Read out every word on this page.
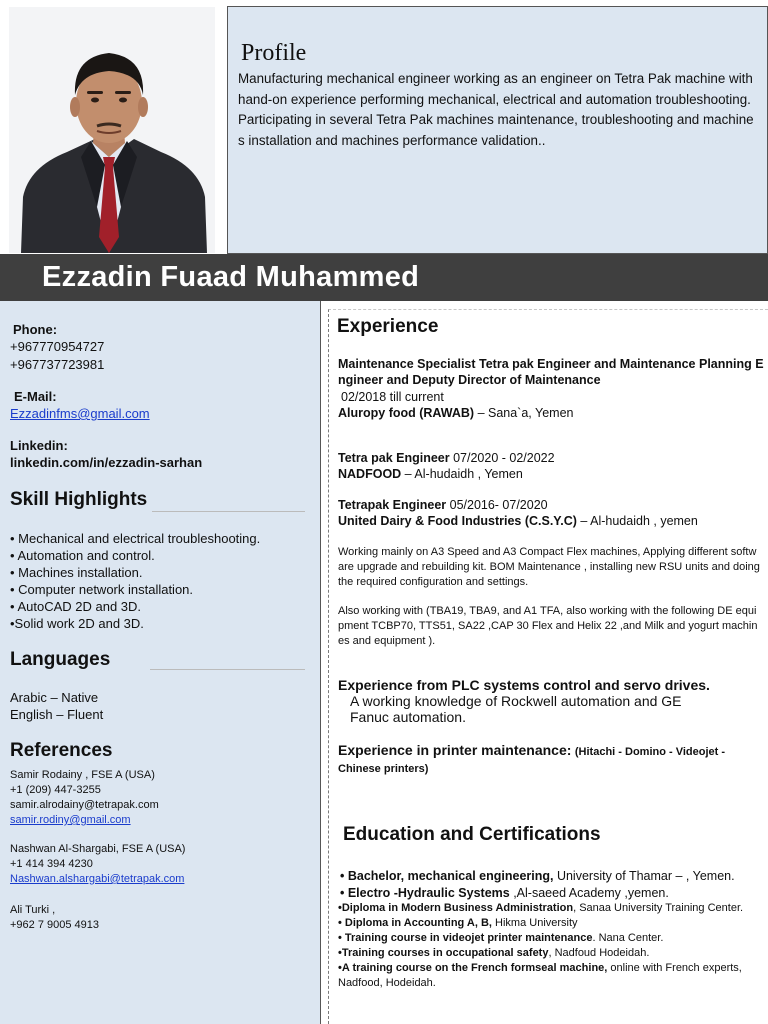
Profile
Manufacturing mechanical engineer working as an engineer on Tetra Pak machine with hand-on experience performing mechanical, electrical and automation troubleshooting. Participating in several Tetra Pak machines maintenance, troubleshooting and machines installation and machines performance validation..
Ezzadin Fuaad Muhammed
Phone:
+967770954727
+967737723981
E-Mail:
Ezzadinfms@gmail.com
Linkedin:
linkedin.com/in/ezzadin-sarhan
Skill Highlights
• Mechanical and electrical troubleshooting.
• Automation and control.
• Machines installation.
• Computer network installation.
• AutoCAD 2D and 3D.
•Solid work 2D and 3D.
Languages
Arabic – Native
English – Fluent
References
Samir Rodainy , FSE A (USA)
+1 (209) 447-3255
samir.alrodainy@tetrapak.com
samir.rodiny@gmail.com
Nashwan Al-Shargabi, FSE A (USA)
+1 414 394 4230
Nashwan.alshargabi@tetrapak.com
Ali Turki ,
+962 7 9005 4913
Experience
Maintenance Specialist Tetra pak Engineer and Maintenance Planning Engineer and Deputy Director of Maintenance
02/2018 till current
Aluropy food (RAWAB) – Sana`a, Yemen
Tetra pak Engineer 07/2020 - 02/2022
NADFOOD – Al-hudaidh , Yemen
Tetrapak Engineer 05/2016- 07/2020
United Dairy & Food Industries (C.S.Y.C) – Al-hudaidh , yemen
Working mainly on A3 Speed and A3 Compact Flex machines, Applying different software upgrade and rebuilding kit. BOM Maintenance , installing new RSU units and doing the required configuration and settings.
Also working with (TBA19, TBA9, and A1 TFA, also working with the following DE equipment TCBP70, TTS51, SA22 ,CAP 30 Flex and Helix 22 ,and Milk and yogurt machines and equipment ).
Experience from PLC systems control and servo drives.
A working knowledge of Rockwell automation and GE Fanuc automation.
Experience in printer maintenance: (Hitachi - Domino - Videojet - Chinese printers)
Education and Certifications
• Bachelor, mechanical engineering, University of Thamar – , Yemen.
• Electro -Hydraulic Systems ,Al-saeed Academy ,yemen.
•Diploma in Modern Business Administration, Sanaa University Training Center.
• Diploma in Accounting A, B, Hikma University
• Training course in videojet printer maintenance. Nana Center.
•Training courses in occupational safety, Nadfoud Hodeidah.
•A training course on the French formseal machine, online with French experts, Nadfood, Hodeidah.
